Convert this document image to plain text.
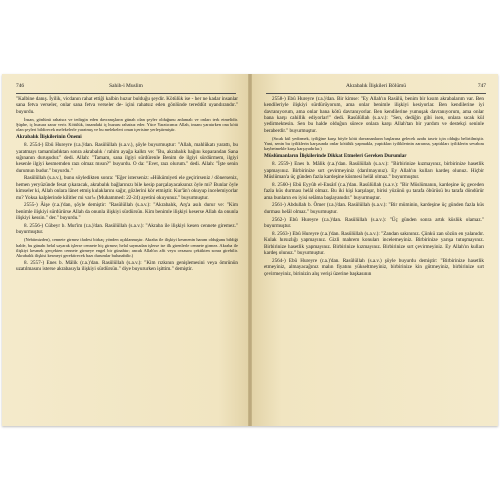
746	Sahih-i Muslim

"Kalbine danış. İyilik, vicdanın rahat ettiği kalbin huzur bulduğu şeydir. Kötülük ise - her ne kadar insanlar sana fetva verseler, onlar sana fetva verseler de- içini rahatsız eden gönlünde tereddüt uyandırandır." buyurdu.

İnsan, gönlünü rahatsız ve tedirgin eden davranışların günah olan şeyler olduğunu anlamalı ve onları terk etmelidir. Şüphe, iç huzura zarar verir. Kötülük, insandaki iç huzuru rahatsız eder. Yüce Yaratıcımız Allah, insanı yaratırken ona kötü olan şeyleri bildirecek melekelerle yaratmış ve bu melekeleri onun içerisine yerleştirmiştir.

Akrabalık İlişkilerinin Önemi

8. 2554-) Ebû Hureyre (r.a.)'dan. Rasûlüllah (s.a.v.), şöyle buyurmuştur: "Allah, mahlûkatı yarattı, bu yaratmayı tamamladıktan sonra akrabalık / rahim ayağa kalktı ve: "Bu, akrabalık bağını koparandan Sana sığınanın duruşudur." dedi. Allah: "Tamam, sana ilgiyi sürdürenle Benim de ilgiyi sürdürmem, ilgiyi kesenle ilgiyi kesmemden razı olmaz mısın?" buyurdu. O da: "Evet, razı olurum." dedi. Allah: "İşte senin durumun budur." buyurdu."

Rasûlüllah (s.a.v.), bunu söyledikten sonra: "Eğer isterseniz: «Hükümiyeti ele geçirirseniz / dönerseniz, hemen yeryüzünde fesat çıkaracak, akrabalık bağlarınızı bile kesip parçalayacaksınız öyle mi? Bunlar öyle kimseler ki, Allah onlara lânet etmiş kulaklarını sağır, gözlerini kör etmiştir. Kur'ân'ı okuyup incelemiyorlar mı? Yoksa kalplerinde kilitler mi var!» (Muhammed: 22-24) ayetini okuyunuz." buyurmuştur.

2555-) Âişe (r.a.)'dan, şöyle demiştir: "Rasûlüllah (s.a.v.): "Akrabalık, Arş'a asılı durur ve: "Kim benimle ilişkiyi sürdürürse Allah da onunla ilişkiyi sürdürsün. Kim benimle ilişkiyi keserse Allah da onunla ilişkiyi kessin." der." buyurdu."

8. 2556-) Cübeyr b. Mut'im (r.a.)'dan. Rasûlüllah (s.a.v.): "Akraba ile ilişkiyi kesen cennete giremez." buyurmuştur.

(Nebiimizden), cennete girmez ifadesi birkaç yönden açıklanmıştır. Akraba ile ilişkiyi kesmenin haram olduğunu bildiği halde, bu günahı helal sayarak işlerse cennete hiç girmez; helal saymadan işlerse ise ilk girenlerle cennete girmez. Akraba ile ilişkiyi kesmek gerçekten cennete girmeye engel bir günahtır; ancak Allah'ın affı veya cezasını çektikten sonra girebilir. Akrabalık ilişkisi kesmeyi gerektirecek bazı durumlar bulunabilir.)

8. 2557-) Enes b. Mâlik (r.a.)'dan. Rasûlüllah (s.a.v.): "Kim rızkının genişlemesini veya ömrünün uzatılmasını isterse akrabasıyla ilişkiyi sürdürsün." diye buyururken işittim." demiştir.

Akrabalık İlişkileri Bölümü	747

2558-) Ebû Hureyre (r.a.)'dan. Bir kimse: "Ey Allah'ın Rasûlü, benim bir kısım akrabalarım var. Ben kendileriyle ilişkiyi sürdürüyorum, ama onlar benimle ilişkiyi kesiyorlar. Ben kendilerine iyi davranıyorum, ama onlar bana kötü davranıyorlar. Ben kendilerine yumuşak davranıyorum, ama onlar bana karşı cahillik ediyorlar!" dedi. Rasûlüllah (s.a.v.): "Sen, dediğin gibi isen, onlara sıcak kül yedirmektesin. Sen bu halde olduğun sürece onlara karşı Allah'tan bir yardım ve destekçi seninle beraberdir." buyurmuştur.

(Sıcak kül yedirmek, iyiliğine karşı böyle kötü davrananların başlarına gelecek azabı tasvir için olduğu belirtilmiştir. Yani, senin bu iyiliklerin karşısında onlar kötülük yapmakla, yaptıkları iyiliklerinin zararına, yaptıkları iyiliklerin sevabını kaybetmekle karşı karşıyadırlar.)

Müslümanların İlişkilerinde Dikkat Etmeleri Gereken Durumlar

8. 2559-) Enes b. Mâlik (r.a.)'dan. Rasûlüllah (s.a.v.): "Birbirinize kızmayınız, birbirinize hasetlik yapmayınız. Birbirinize sırt çevirmeyiniz (darılmayınız). Ey Allah'ın kulları kardeş olunuz. Hiçbir Müslüman'a üç günden fazla kardeşine küsmesi helâl olmaz." buyurmuştur.

8. 2560-) Ebû Eyyûb el-Ensârî (r.a.)'dan. Rasûlüllah (s.a.v.): "Bir Müslümanın, kardeşine üç geceden fazla küs durması helâl olmaz. Bu iki kişi karşılaşır, birisi yüzünü şu tarafa öbürüsü bu tarafa döndürür ama bunların en iyisi selâma başlayanıdır." buyurmuştur.

2561-) Abdullah b. Ömer (r.a.)'dan. Rasûlüllah (s.a.v.): "Bir müminin, kardeşine üç günden fazla küs durması helâl olmaz." buyurmuştur.

2562-) Ebû Hureyre (r.a.)'dan. Rasûlüllah (s.a.v.): "Üç günden sonra artık küslük olamaz." buyurmuştur.

8. 2563-) Ebû Hureyre (r.a.)'dan. Rasûlüllah (s.a.v.): "Zandan sakınınız. Çünkü zan sözün en yalanıdır. Kulak hırsızlığı yapmayınız. Gizli mahrem konuları incelemeyiniz. Birbirinize yarışa tutuşmayınız. Birbirinize hasetlik yapmayınız. Birbirinize kızmayınız. Birbirinize sırt çevirmeyiniz. Ey Allah'ın kulları kardeş olunuz." buyurmuştur.

2564-) Ebû Hureyre (r.a.)'dan. Rasûlüllah (s.a.v.) şöyle buyurdu demiştir: "Birbirinize hasetlik etmeyiniz, almayacağınız malın fiyatını yükseltmeyiniz, birbirinize kin gütmeyiniz, birbirinize sırt çevirmeyiniz, birinizin alış verişi üzerine başkasının
